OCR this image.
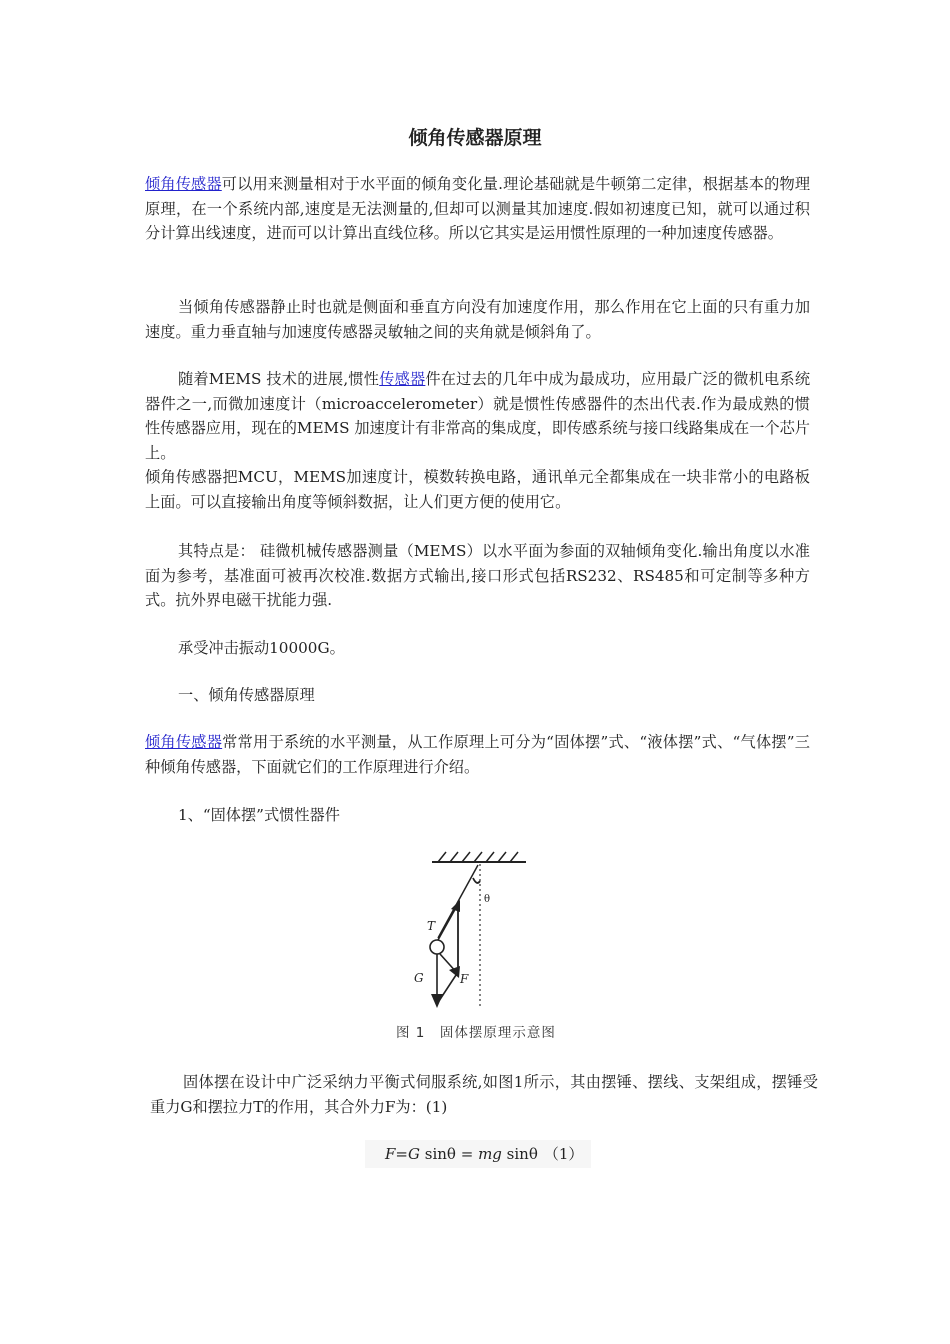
倾角传感器原理

倾角传感器可以用来测量相对于水平面的倾角变化量.理论基础就是牛顿第二定律，根据基本的物理原理，在一个系统内部,速度是无法测量的,但却可以测量其加速度.假如初速度已知，就可以通过积分计算出线速度，进而可以计算出直线位移。所以它其实是运用惯性原理的一种加速度传感器。

当倾角传感器静止时也就是侧面和垂直方向没有加速度作用，那么作用在它上面的只有重力加速度。重力垂直轴与加速度传感器灵敏轴之间的夹角就是倾斜角了。

随着MEMS 技术的进展,惯性传感器件在过去的几年中成为最成功，应用最广泛的微机电系统器件之一,而微加速度计（microaccelerometer）就是惯性传感器件的杰出代表.作为最成熟的惯性传感器应用，现在的MEMS 加速度计有非常高的集成度，即传感系统与接口线路集成在一个芯片上。

倾角传感器把MCU，MEMS加速度计，模数转换电路，通讯单元全都集成在一块非常小的电路板上面。可以直接输出角度等倾斜数据，让人们更方便的使用它。

其特点是： 硅微机械传感器测量（MEMS）以水平面为参面的双轴倾角变化.输出角度以水准面为参考，基准面可被再次校准.数据方式输出,接口形式包括RS232、RS485和可定制等多种方式。抗外界电磁干扰能力强.

承受冲击振动10000G。

一、倾角传感器原理

倾角传感器常常用于系统的水平测量，从工作原理上可分为“固体摆”式、“液体摆”式、“气体摆”三种倾角传感器，下面就它们的工作原理进行介绍。

1、“固体摆”式惯性器件

θ
T
F
G
图 1　固体摆原理示意图

固体摆在设计中广泛采纳力平衡式伺服系统,如图1所示，其由摆锤、摆线、支架组成，摆锤受重力G和摆拉力T的作用，其合外力F为：(1)

F=G sinθ = mg sinθ （1）
